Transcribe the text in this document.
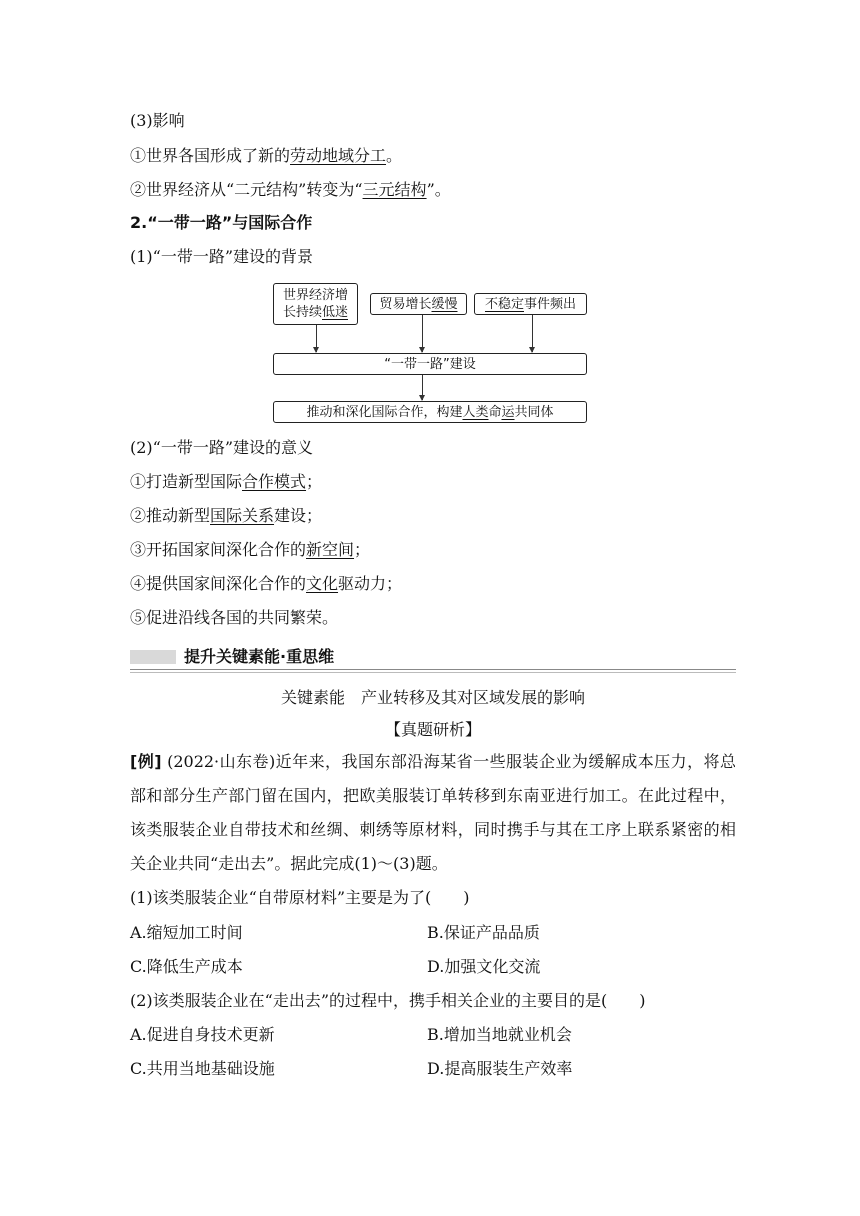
(3)影响
①世界各国形成了新的劳动地域分工。
②世界经济从“二元结构”转变为“三元结构”。
2.“一带一路”与国际合作
(1)“一带一路”建设的背景
世界经济增
长持续低迷
贸易增长缓慢	不稳定事件频出
“一带一路”建设
推动和深化国际合作，构建人类命运共同体
(2)“一带一路”建设的意义
①打造新型国际合作模式；
②推动新型国际关系建设；
③开拓国家间深化合作的新空间；
④提供国家间深化合作的文化驱动力；
⑤促进沿线各国的共同繁荣。
提升关键素能·重思维
关键素能　产业转移及其对区域发展的影响
【真题研析】
[例] (2022·山东卷)近年来，我国东部沿海某省一些服装企业为缓解成本压力，将总部和部分生产部门留在国内，把欧美服装订单转移到东南亚进行加工。在此过程中，该类服装企业自带技术和丝绸、刺绣等原材料，同时携手与其在工序上联系紧密的相关企业共同“走出去”。据此完成(1)～(3)题。
(1)该类服装企业“自带原材料”主要是为了(　　)
A.缩短加工时间	B.保证产品品质
C.降低生产成本	D.加强文化交流
(2)该类服装企业在“走出去”的过程中，携手相关企业的主要目的是(　　)
A.促进自身技术更新	B.增加当地就业机会
C.共用当地基础设施	D.提高服装生产效率
